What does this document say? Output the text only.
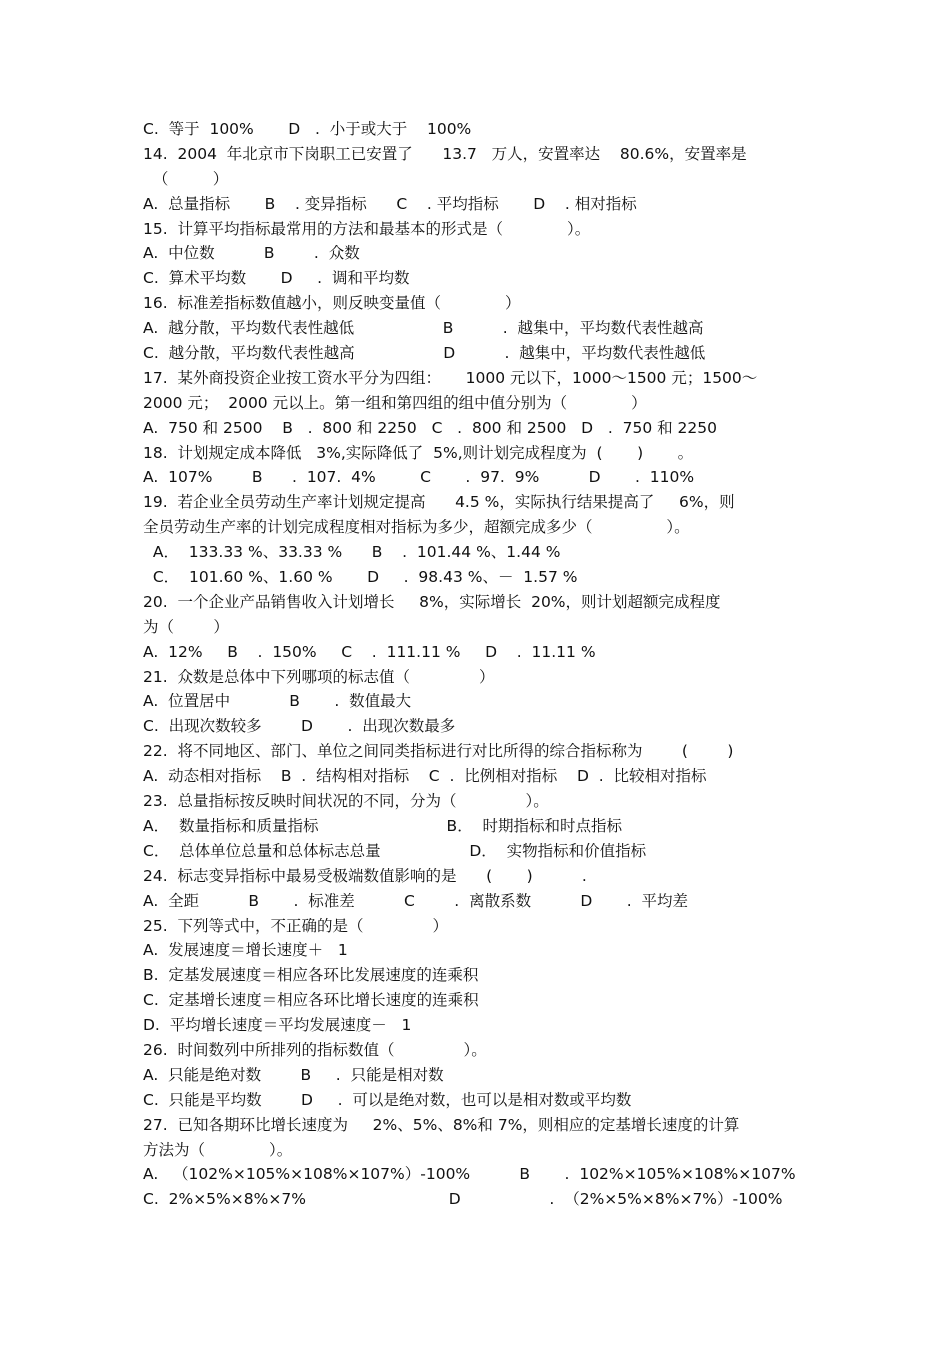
C.  等于  100%       D   .  小于或大于    100%
14.  2004  年北京市下岗职工已安置了      13.7   万人，安置率达    80.6%，安置率是
（         ）
A.  总量指标       B    . 变异指标      C    . 平均指标       D    . 相对指标
15.  计算平均指标最常用的方法和最基本的形式是（             ）。
A.  中位数          B        .  众数
C.  算术平均数       D     .  调和平均数
16.  标准差指标数值越小，则反映变量值（             ）
A.  越分散，平均数代表性越低                  B          .  越集中，平均数代表性越高
C.  越分散，平均数代表性越高                  D          .  越集中，平均数代表性越低
17.  某外商投资企业按工资水平分为四组：     1000 元以下，1000～1500 元；1500～
2000 元；  2000 元以上。第一组和第四组的组中值分别为（             ）
A.  750 和 2500    B   .  800 和 2250   C   .  800 和 2500   D   .  750 和 2250
18.  计划规定成本降低   3%,实际降低了  5%,则计划完成程度为  (       )       。
A.  107%        B      .  107.  4%         C       .  97.  9%          D       .  110%
19.  若企业全员劳动生产率计划规定提高      4.5 %，实际执行结果提高了     6%，则
全员劳动生产率的计划完成程度相对指标为多少，超额完成多少（               ）。
A．  133.33 %、33.33 %      B    .  101.44 %、1.44 %
C．  101.60 %、1.60 %       D     .  98.43 %、－  1.57 %
20.  一个企业产品销售收入计划增长     8%，实际增长  20%，则计划超额完成程度
为（        ）
A.  12%     B    .  150%     C    .  111.11 %     D    .  11.11 %
21.  众数是总体中下列哪项的标志值（              ）
A.  位置居中            B       .  数值最大
C.  出现次数较多        D       .  出现次数最多
22.  将不同地区、部门、单位之间同类指标进行对比所得的综合指标称为        (        )
A.  动态相对指标    B  .  结构相对指标    C  .  比例相对指标    D  .  比较相对指标
23.  总量指标按反映时间状况的不同，分为（              ）。
A．  数量指标和质量指标                          B．  时期指标和时点指标
C．  总体单位总量和总体标志总量                  D．  实物指标和价值指标
24.  标志变异指标中最易受极端数值影响的是      (       )          .
A.  全距          B       .  标准差          C        .  离散系数          D       .  平均差
25.  下列等式中，不正确的是（              ）
A.  发展速度＝增长速度＋   1
B.  定基发展速度＝相应各环比发展速度的连乘积
C.  定基增长速度＝相应各环比增长速度的连乘积
D.  平均增长速度＝平均发展速度－   1
26.  时间数列中所排列的指标数值（              ）。
A.  只能是绝对数        B     .  只能是相对数
C.  只能是平均数        D     .  可以是绝对数，也可以是相对数或平均数
27.  已知各期环比增长速度为     2%、5%、8%和 7%，则相应的定基增长速度的计算
方法为（             ）。
A.   （102%×105%×108%×107%）-100%          B       .  102%×105%×108%×107%
C.  2%×5%×8%×7%                             D                  .  （2%×5%×8%×7%）-100%
